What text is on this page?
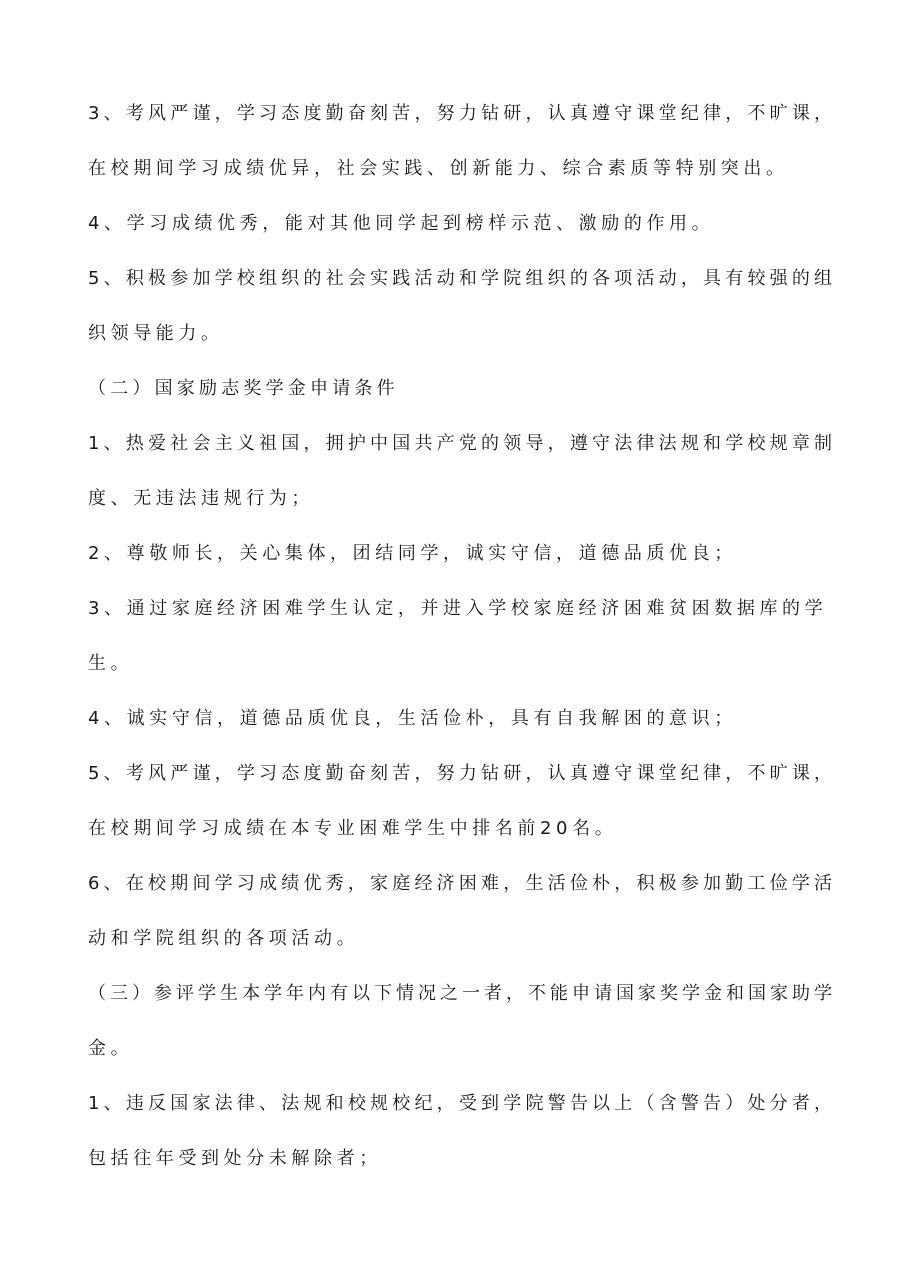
3、考风严谨，学习态度勤奋刻苦，努力钻研，认真遵守课堂纪律，不旷课，
在校期间学习成绩优异，社会实践、创新能力、综合素质等特别突出。
4、学习成绩优秀，能对其他同学起到榜样示范、激励的作用。
5、积极参加学校组织的社会实践活动和学院组织的各项活动，具有较强的组
织领导能力。
（二）国家励志奖学金申请条件
1、热爱社会主义祖国，拥护中国共产党的领导，遵守法律法规和学校规章制
度、无违法违规行为；
2、尊敬师长，关心集体，团结同学，诚实守信，道德品质优良；
3、通过家庭经济困难学生认定，并进入学校家庭经济困难贫困数据库的学
生。
4、诚实守信，道德品质优良，生活俭朴，具有自我解困的意识；
5、考风严谨，学习态度勤奋刻苦，努力钻研，认真遵守课堂纪律，不旷课，
在校期间学习成绩在本专业困难学生中排名前20名。
6、在校期间学习成绩优秀，家庭经济困难，生活俭朴，积极参加勤工俭学活
动和学院组织的各项活动。
（三）参评学生本学年内有以下情况之一者，不能申请国家奖学金和国家助学
金。
1、违反国家法律、法规和校规校纪，受到学院警告以上（含警告）处分者，
包括往年受到处分未解除者；
